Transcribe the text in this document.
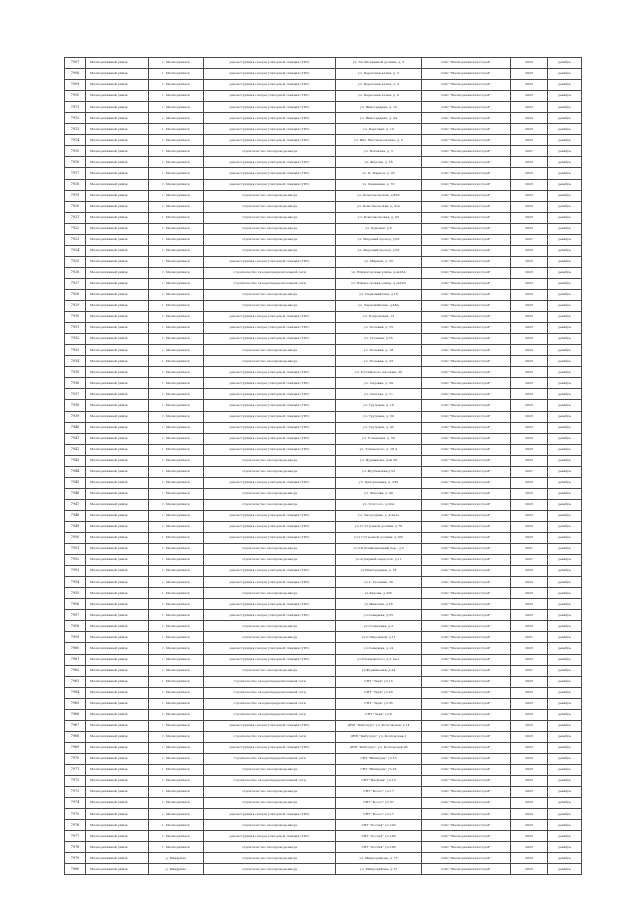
7907	Мелиоративный район	г. Мелиоративск	реконструкция газорегуляторной станции (ГРС)	ул. 50-Лиственной долины, д. 5	ОАО "Мелиоративскгазстрой"	2023	декабрь
7908	Мелиоративный район	г. Мелиоративск	реконструкция газорегуляторной станции (ГРС)	ул. Береговая аллея, д. 3	ОАО "Мелиоративскгазстрой"	2023	декабрь
7909	Мелиоративный район	г. Мелиоративск	реконструкция газорегуляторной станции (ГРС)	ул. Береговая аллея, д. 4	ОАО "Мелиоративскгазстрой"	2023	декабрь
7910	Мелиоративный район	г. Мелиоративск	реконструкция газорегуляторной станции (ГРС)	ул. Береговая аллея, д. 8	ОАО "Мелиоративскгазстрой"	2023	декабрь
7911	Мелиоративный район	г. Мелиоративск	реконструкция газорегуляторной станции (ГРС)	ул. Виноградная, д. 10	ОАО "Мелиоративскгазстрой"	2023	декабрь
7912	Мелиоративный район	г. Мелиоративск	реконструкция газорегуляторной станции (ГРС)	ул. Виноградная, д. 24	ОАО "Мелиоративскгазстрой"	2023	декабрь
7913	Мелиоративный район	г. Мелиоративск	реконструкция газорегуляторной станции (ГРС)	ул. Берговая, д. 10	ОАО "Мелиоративскгазстрой"	2023	декабрь
7914	Мелиоративный район	г. Мелиоративск	реконструкция газорегуляторной станции (ГРС)	ул. Вил. Высоковольтная, д. 5	ОАО "Мелиоративскгазстрой"	2023	декабрь
7915	Мелиоративный район	г. Мелиоративск	строительство газопровода-ввода	ул. Вокзалка, д. 5	ОАО "Мелиоративскгазстрой"	2021	декабрь
7916	Мелиоративный район	г. Мелиоративск	реконструкция газорегуляторной станции (ГРС)	ул. Жёлтая, д. 18	ОАО "Мелиоративскгазстрой"	2023	декабрь
7917	Мелиоративный район	г. Мелиоративск	реконструкция газорегуляторной станции (ГРС)	ул. К. Маркса, д. 35	ОАО "Мелиоративскгазстрой"	2023	декабрь
7918	Мелиоративный район	г. Мелиоративск	реконструкция газорегуляторной станции (ГРС)	ул. Каменная, д. 70	ОАО "Мелиоративскгазстрой"	2023	декабрь
7919	Мелиоративный район	г. Мелиоративск	строительство газопровода-ввода	ул. Комсомольская, д.89А	ОАО "Мелиоративскгазстрой"	2023	декабрь
7920	Мелиоративный район	г. Мелиоративск	строительство газопровода-ввода	ул. Комсомольская, д. 91а	ОАО "Мелиоративскгазстрой"	2023	декабрь
7921	Мелиоративный район	г. Мелиоративск	строительство газопровода-ввода	ул. Комсомольская, д. 93	ОАО "Мелиоративскгазстрой"	2023	декабрь
7922	Мелиоративный район	г. Мелиоративск	строительство газопровода-ввода	ул. Красная, д.6	ОАО "Мелиоративскгазстрой"	2023	декабрь
7923	Мелиоративный район	г. Мелиоративск	строительство газопровода-ввода	ул. Медовый проезд, д.63	ОАО "Мелиоративскгазстрой"	2021	декабрь
7924	Мелиоративный район	г. Мелиоративск	строительство газопровода-ввода	ул. Медовый проезд, д.65	ОАО "Мелиоративскгазстрой"	2023	декабрь
7925	Мелиоративный район	г. Мелиоративск	реконструкция газорегуляторной станции (ГРС)	ул. Мирная, д. 59	ОАО "Мелиоративскгазстрой"	2023	декабрь
7926	Мелиоративный район	г. Мелиоративск	строительство газораспределительной сети	ул. Южногорская-улица, дом16А	ОАО "Мелиоративскгазстрой"	2023	декабрь
7927	Мелиоративный район	г. Мелиоративск	строительство газораспределительной сети	ул. Южногорская-улица, д.ов19А	ОАО "Мелиоративскгазстрой"	2023	декабрь
7928	Мелиоративный район	г. Мелиоративск	строительство газопровода-ввода	ул. Первомайская, д.18	ОАО "Мелиоративскгазстрой"	2023	декабрь
7929	Мелиоративный район	г. Мелиоративск	строительство газопровода-ввода	ул. Первомайская, д.48А	ОАО "Мелиоративскгазстрой"	2023	декабрь
7930	Мелиоративный район	г. Мелиоративск	реконструкция газорегуляторной станции (ГРС)	ул. Покровская, 13	ОАО "Мелиоративскгазстрой"	2023	декабрь
7931	Мелиоративный район	г. Мелиоративск	реконструкция газорегуляторной станции (ГРС)	ул. Полевая, д. 55	ОАО "Мелиоративскгазстрой"	2023	декабрь
7932	Мелиоративный район	г. Мелиоративск	реконструкция газорегуляторной станции (ГРС)	ул. Полевая, д.55	ОАО "Мелиоративскгазстрой"	2023	декабрь
7933	Мелиоративный район	г. Мелиоративск	строительство газопровода-ввода	ул. Полевая, д. 18	ОАО "Мелиоративскгазстрой"	2023	декабрь
7934	Мелиоративный район	г. Мелиоративск	строительство газопровода-ввода	ул. Полевая, д. 22	ОАО "Мелиоративскгазстрой"	2023	декабрь
7935	Мелиоративный район	г. Мелиоративск	реконструкция газорегуляторной станции (ГРС)	ул. Российского пассажа, 20	ОАО "Мелиоративскгазстрой"	2023	декабрь
7936	Мелиоративный район	г. Мелиоративск	реконструкция газорегуляторной станции (ГРС)	ул. Садовая, д. 29	ОАО "Мелиоративскгазстрой"	2023	декабрь
7937	Мелиоративный район	г. Мелиоративск	реконструкция газорегуляторной станции (ГРС)	ул. Светлая, д. 11	ОАО "Мелиоративскгазстрой"	2023	декабрь
7938	Мелиоративный район	г. Мелиоративск	реконструкция газорегуляторной станции (ГРС)	ул. Трудовая, д. 16	ОАО "Мелиоративскгазстрой"	2023	декабрь
7939	Мелиоративный район	г. Мелиоративск	реконструкция газорегуляторной станции (ГРС)	ул. Трудовая, д. 30	ОАО "Мелиоративскгазстрой"	2023	декабрь
7940	Мелиоративный район	г. Мелиоративск	реконструкция газорегуляторной станции (ГРС)	ул. Трудовая, д. 45	ОАО "Мелиоративскгазстрой"	2023	декабрь
7941	Мелиоративный район	г. Мелиоративск	реконструкция газорегуляторной станции (ГРС)	ул. Успенская, д. 50	ОАО "Мелиоративскгазстрой"	2023	декабрь
7942	Мелиоративный район	г. Мелиоративск	реконструкция газорегуляторной станции (ГРС)	ул. Успенского, д. 18 А	ОАО "Мелиоративскгазстрой"	2023	декабрь
7943	Мелиоративный район	г. Мелиоративск	строительство газопровода-ввода	ул. Фурманова, дом 29	ОАО "Мелиоративскгазстрой"	2023	декабрь
7944	Мелиоративный район	г. Мелиоративск	строительство газопровода-ввода	ул. Фрубенская,д.53	ОАО "Мелиоративскгазстрой"	2021	декабрь
7945	Мелиоративный район	г. Мелиоративск	реконструкция газорегуляторной станции (ГРС)	ул. Центральная, д. 239	ОАО "Мелиоративскгазстрой"	2023	декабрь
7946	Мелиоративный район	г. Мелиоративск	строительство газопровода-ввода	ул. Чкалова, д. 46	ОАО "Мелиоративскгазстрой"	2023	декабрь
7947	Мелиоративный район	г. Мелиоративск	строительство газопровода-ввода	ул. Толстого, д.22А	ОАО "Мелиоративскгазстрой"	2023	декабрь
7948	Мелиоративный район	г. Мелиоративск	реконструкция газорегуляторной станции (ГРС)	ул. Загородная, д. 4-кв1а	ОАО "Мелиоративскгазстрой"	2023	декабрь
7949	Мелиоративный район	г. Мелиоративск	реконструкция газорегуляторной станции (ГРС)	ул.17-Строевой долины, д.79	ОАО "Мелиоративскгазстрой"	2023	декабрь
7950	Мелиоративный район	г. Мелиоративск	реконструкция газорегуляторной станции (ГРС)	ул.17-Строевой долины, д.105	ОАО "Мелиоративскгазстрой"	2023	декабрь
7951	Мелиоративный район	г. Мелиоративск	строительство газопровода-ввода	ул.2-й Коммунальный пер., д.3	ОАО "Мелиоративскгазстрой"	2021	декабрь
7952	Мелиоративный район	г. Мелиоративск	строительство газопровода-ввода	ул.Аграрный переулок, д.11	ОАО "Мелиоративскгазстрой"	2021	декабрь
7953	Мелиоративный район	г. Мелиоративск	реконструкция газорегуляторной станции (ГРС)	ул.Виноградная, д. 18	ОАО "Мелиоративскгазстрой"	2023	декабрь
7954	Мелиоративный район	г. Мелиоративск	реконструкция газорегуляторной станции (ГРС)	ул.Г. Полевая, 39	ОАО "Мелиоративскгазстрой"	2023	декабрь
7955	Мелиоративный район	г. Мелиоративск	строительство газопровода-ввода	ул.Кирова, д.23С	ОАО "Мелиоративскгазстрой"	2023	декабрь
7956	Мелиоративный район	г. Мелиоративск	реконструкция газорегуляторной станции (ГРС)	ул.Минская, д.18	ОАО "Мелиоративскгазстрой"	2023	декабрь
7957	Мелиоративный район	г. Мелиоративск	реконструкция газорегуляторной станции (ГРС)	ул.Северная, д.55	ОАО "Мелиоративскгазстрой"	2023	декабрь
7958	Мелиоративный район	г. Мелиоративск	строительство газопровода-ввода	ул.Солнечная, д.5	ОАО "Мелиоративскгазстрой"	2023	декабрь
7959	Мелиоративный район	г. Мелиоративск	строительство газопровода-ввода	ул.С.Пирожной, д.11	ОАО "Мелиоративскгазстрой"	2021	декабрь
7960	Мелиоративный район	г. Мелиоративск	реконструкция газорегуляторной станции (ГРС)	ул.Северная, д.14	ОАО "Мелиоративскгазстрой"	2023	декабрь
7961	Мелиоративный район	г. Мелиоративск	реконструкция газорегуляторной станции (ГРС)	ул.Ульяновского, д.5, кв.1	ОАО "Мелиоративскгазстрой"	2023	декабрь
7962	Мелиоративный район	г. Мелиоративск	строительство газопровода-ввода	ул.Фурмановая, д.24	ОАО "Мелиоративскгазстрой"	2021	декабрь
7963	Мелиоративный район	г. Мелиоративск	строительство газораспределительной сети	СНТ "Заря" уч.15	ОАО "Мелиоративскгазстрой"	2023	декабрь
7964	Мелиоративный район	г. Мелиоративск	строительство газораспределительной сети	СНТ "Заря" уч.20	ОАО "Мелиоративскгазстрой"	2023	декабрь
7965	Мелиоративный район	г. Мелиоративск	строительство газораспределительной сети	СНТ "Заря" уч.35	ОАО "Мелиоративскгазстрой"	2023	декабрь
7966	Мелиоративный район	г. Мелиоративск	строительство газораспределительной сети	СНТ "Заря" уч.8	ОАО "Мелиоративскгазстрой"	2023	декабрь
7967	Мелиоративный район	г. Мелиоративск	реконструкция газорегуляторной станции (ГРС)	ДНП "Кабучуро" уч. Колтовская, д.14	ОАО "Мелиоративскгазстрой"	2023	декабрь
7968	Мелиоративный район	г. Мелиоративск	строительство газораспределительной сети	ДНП "Кабучуро" уч. Колтовская,1	ОАО "Мелиоративскгазстрой"	2023	декабрь
7969	Мелиоративный район	г. Мелиоративск	реконструкция газорегуляторной станции (ГРС)	ДНП "Кабучуро" уч. Колтовская,96	ОАО "Мелиоративскгазстрой"	2023	декабрь
7970	Мелиоративный район	г. Мелиоративск	строительство газораспределительной сети	СНТ "Вишнуры" уч.13	ОАО "Мелиоративскгазстрой"	2023	декабрь
7971	Мелиоративный район	г. Мелиоративск	строительство газопровода-ввода	СНТ "Вишнуры" уч.25	ОАО "Мелиоративскгазстрой"	2023	декабрь
7972	Мелиоративный район	г. Мелиоративск	строительство газораспределительной сети	СНТ "Василек" уч.13	ОАО "Мелиоративскгазстрой"	2023	декабрь
7973	Мелиоративный район	г. Мелиоративск	строительство газопровода-ввода	СНТ "Колос" уч.17	ОАО "Мелиоративскгазстрой"	2023	декабрь
7974	Мелиоративный район	г. Мелиоративск	строительство газопровода-ввода	СНТ "Колос" уч.37	ОАО "Мелиоративскгазстрой"	2023	декабрь
7975	Мелиоративный район	г. Мелиоративск	реконструкция газорегуляторной станции (ГРС)	СНТ "Колос" уч.17	ОАО "Мелиоративскгазстрой"	2023	декабрь
7976	Мелиоративный район	г. Мелиоративск	строительство газопровода-ввода	СНТ "Россия" уч.100	ОАО "Мелиоративскгазстрой"	2023	декабрь
7977	Мелиоративный район	г. Мелиоративск	реконструкция газорегуляторной станции (ГРС)	СНТ "Россия" уч.180	ОАО "Мелиоративскгазстрой"	2023	декабрь
7978	Мелиоративный район	г. Мелиоративск	строительство газопровода-ввода	СНТ "Россия" уч.166	ОАО "Мелиоративскгазстрой"	2023	декабрь
7979	Мелиоративный район	д. Мандрино	строительство газопровода-ввода	ул. Микрорайона, д. 75	ОАО "Мелиоративскгазстрой"	2023	декабрь
7980	Мелиоративный район	д. Мандрино	строительство газопровода-ввода	ул. Микрорайона, д.73	ОАО "Мелиоративскгазстрой"	2023	декабрь
